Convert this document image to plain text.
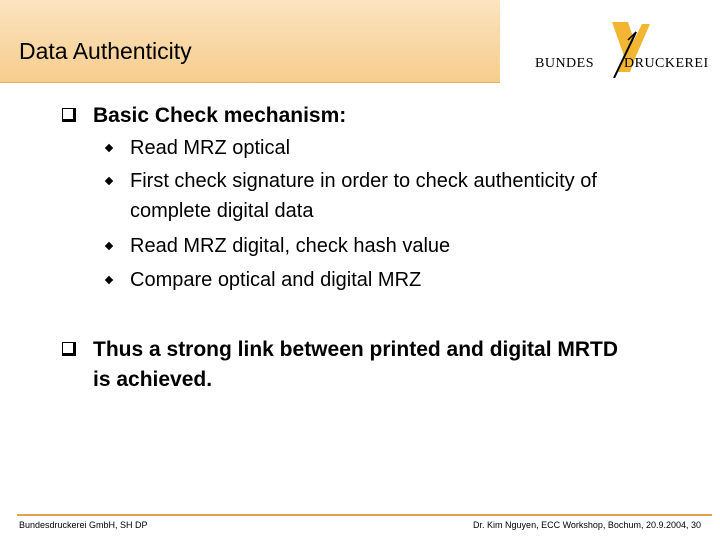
Data Authenticity	BUNDES DRUCKEREI
Basic Check mechanism:
Read MRZ optical
First check signature in order to check authenticity of
complete digital data
Read MRZ digital, check hash value
Compare optical and digital MRZ
Thus a strong link between printed and digital MRTD
is achieved.
Bundesdruckerei GmbH, SH DP	Dr. Kim Nguyen, ECC Workshop, Bochum, 20.9.2004, 30
